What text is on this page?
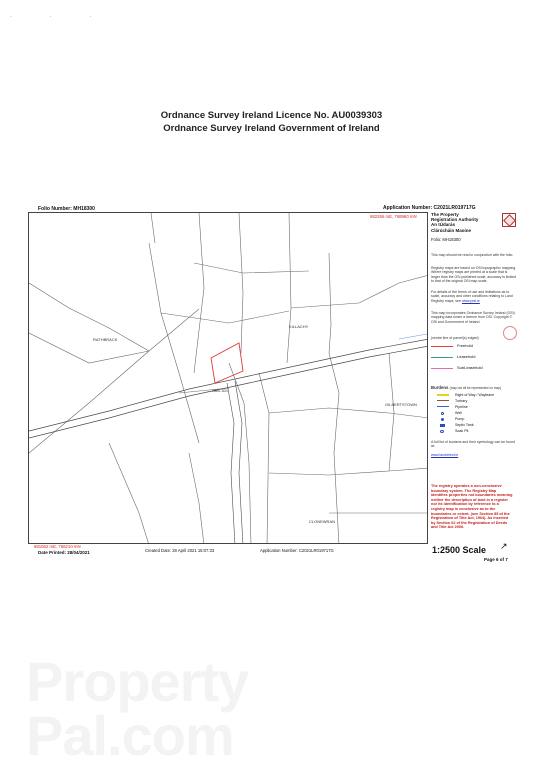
· · ·
Ordnance Survey Ireland Licence No. AU0039303
Ordnance Survey Ireland Government of Ireland
Folio Number: MH18300	Application Number: C2021LR019717G
RATHBRACK
KILLACHY
2BBL.3D1
GILBERTSTOWN
CLONEWRAN
682266 mE, 768960 mN
681062 mE, 768210 mN
The Property
Registration Authority
An tÚdarás
Clárúcháin Maoine
Folio: MH18300
This map should be read in conjunction with the folio.
Registry maps are based on OSi topographic mapping. Where registry maps are printed at a scale that is larger than the OSi published scale, accuracy is limited to that of the original OSi map scale.
For details of the terms of use and limitations as to scale, accuracy and other conditions relating to Land Registry maps, see www.prai.ie
This map incorporates Ordnance Survey Ireland (OSi) mapping data under a licence from OSi. Copyright © OSi and Government of Ireland.
(centre line of parcel(s) edged)
Freehold
Leasehold
SubLeasehold
Burdens (may not all be represented on map)
Right of Way / Wayleave
Turbary
Pipeline
Well
Pump
Septic Tank
Soak Pit
A full list of burdens and their symbology can be found at:
www.landdirect.ie
The registry operates a non-conclusive boundary system. The Registry Map identifies properties not boundaries meaning neither the description of land in a register nor its identification by reference to a registry map is conclusive as to the boundaries or extent. (see Section 85 of the Registration of Title Act, 1964). As inserted by Section 62 of the Registration of Deeds and Title Act 2006.
Date Printed: 28/04/2021	Created Date: 28 April 2021 15:07:33	Application Number: C2021LR019717G	1:2500 Scale ↗
Page 6 of 7
Property
Pal.com
